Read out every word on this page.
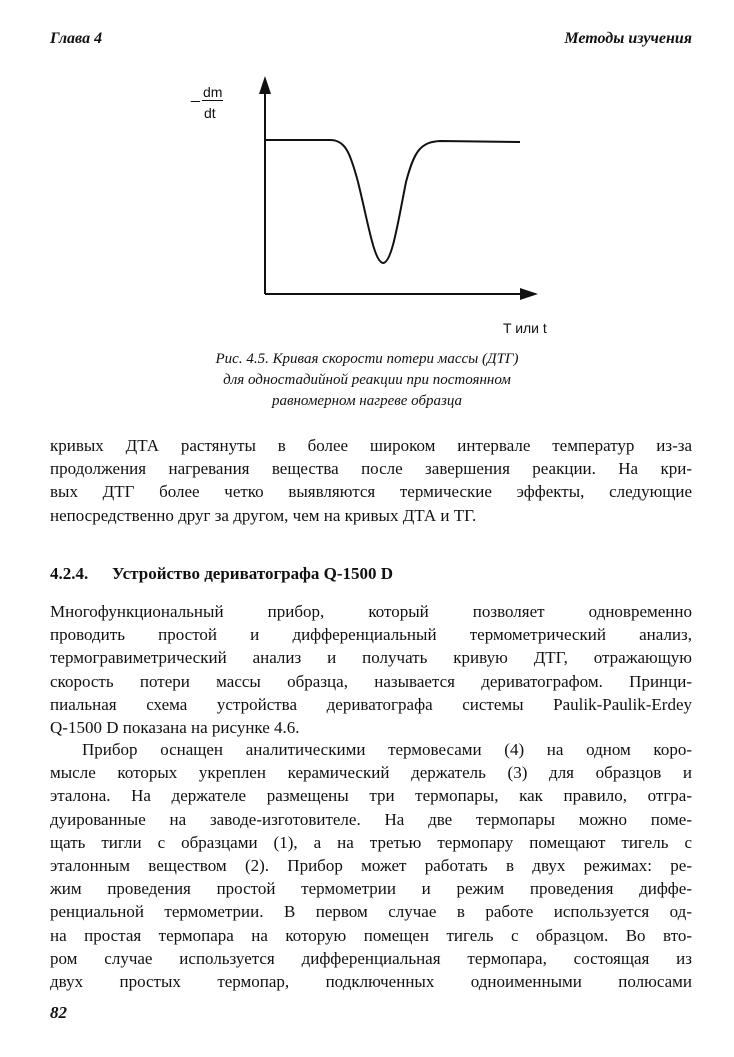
Глава 4	Методы изучения
_ dm
dt
T или t
Рис. 4.5. Кривая скорости потери массы (ДТГ)
для одностадийной реакции при постоянном
равномерном нагреве образца
кривых ДТА растянуты в более широком интервале температур из-за
продолжения нагревания вещества после завершения реакции. На кри-
вых ДТГ более четко выявляются термические эффекты, следующие
непосредственно друг за другом, чем на кривых ДТА и ТГ.
4.2.4. Устройство дериватографа Q-1500 D
Многофункциональный прибор, который позволяет одновременно
проводить простой и дифференциальный термометрический анализ,
термогравиметрический анализ и получать кривую ДТГ, отражающую
скорость потери массы образца, называется дериватографом. Принци-
пиальная схема устройства дериватографа системы Paulik-Paulik-Erdey
Q-1500 D показана на рисунке 4.6.
Прибор оснащен аналитическими термовесами (4) на одном коро-
мысле которых укреплен керамический держатель (3) для образцов и
эталона. На держателе размещены три термопары, как правило, отгра-
дуированные на заводе-изготовителе. На две термопары можно поме-
щать тигли с образцами (1), а на третью термопару помещают тигель с
эталонным веществом (2). Прибор может работать в двух режимах: ре-
жим проведения простой термометрии и режим проведения диффе-
ренциальной термометрии. В первом случае в работе используется од-
на простая термопара на которую помещен тигель с образцом. Во вто-
ром случае используется дифференциальная термопара, состоящая из
двух простых термопар, подключенных одноименными полюсами
82
